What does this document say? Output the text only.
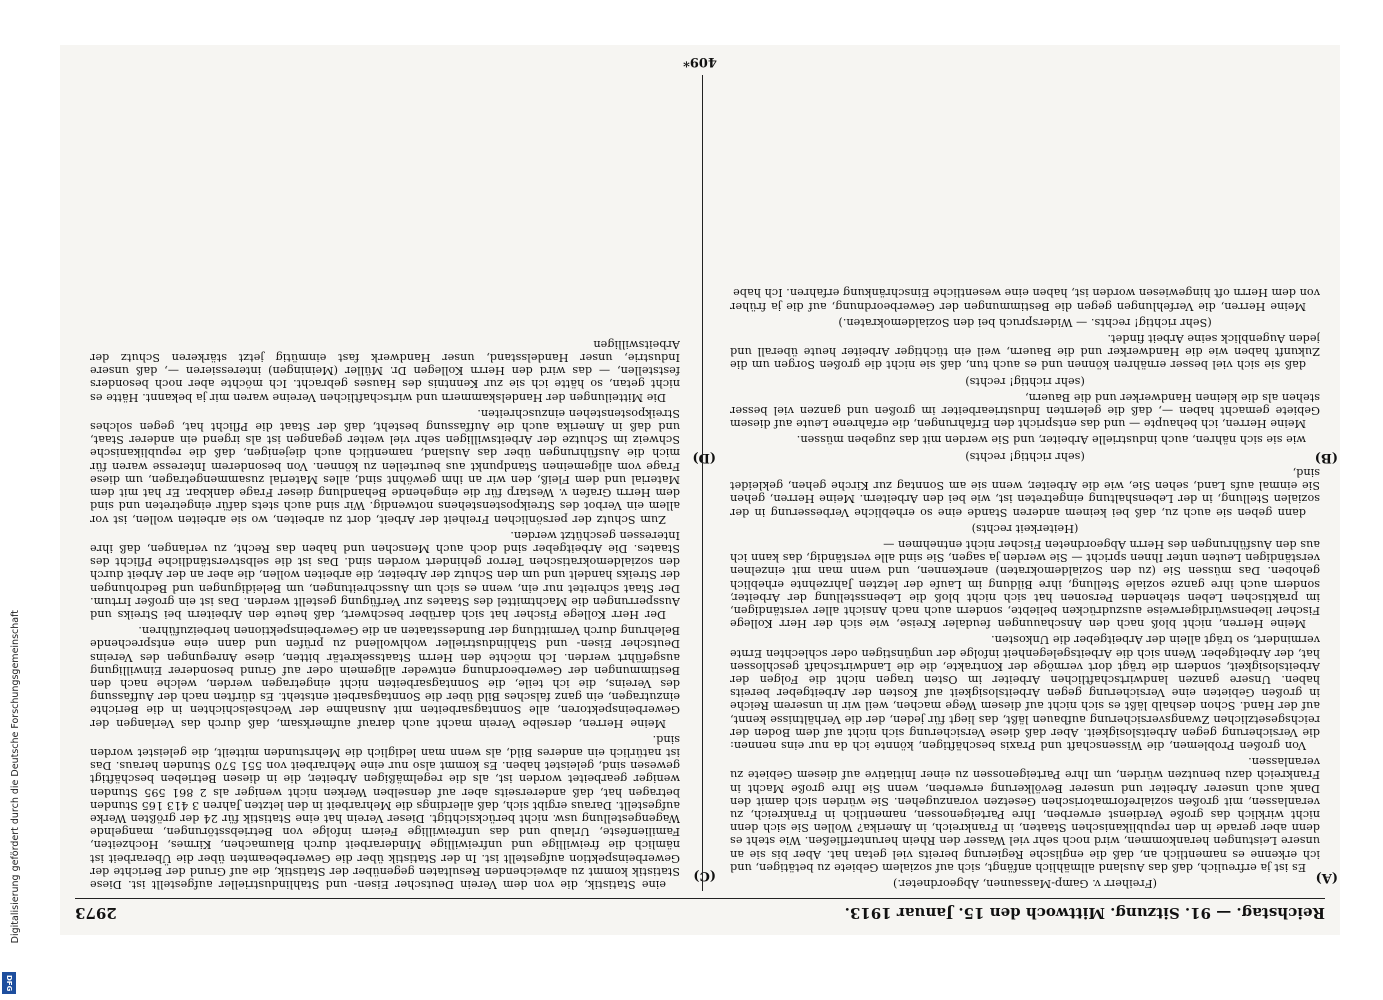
Reichstag. — 91. Sitzung. Mittwoch den 15. Januar 1913.
2973
(A)
(B)
(C)
(D)

(Freiherr v. Gamp-Massaunen, Abgeordneter.)

Es ist ja erfreulich, daß das Ausland allmählich anfängt, sich auf sozialem Gebiete zu betätigen, und ich erkenne es namentlich an, daß die englische Regierung bereits viel getan hat. Aber bis sie an unsere Leistungen herankommen, wird noch sehr viel Wasser den Rhein herunterfließen. Wie steht es denn aber gerade in den republikanischen Staaten, in Frankreich, in Amerika? Wollen Sie sich denn nicht wirklich das große Verdienst erwerben, Ihre Parteigenossen, namentlich in Frankreich, zu veranlassen, mit großen sozialreformatorischen Gesetzen voranzugehen. Sie würden sich damit den Dank auch unserer Arbeiter und unserer Bevölkerung erwerben, wenn Sie Ihre große Macht in Frankreich dazu benutzen würden, um Ihre Parteigenossen zu einer Initiative auf diesem Gebiete zu veranlassen.

Von großen Problemen, die Wissenschaft und Praxis beschäftigen, könnte ich da nur eins nennen: die Versicherung gegen Arbeitslosigkeit. Aber daß diese Versicherung sich nicht auf dem Boden der reichsgesetzlichen Zwangsversicherung aufbauen läßt, das liegt für jeden, der die Verhältnisse kennt, auf der Hand. Schon deshalb läßt es sich nicht auf diesem Wege machen, weil wir in unserem Reiche in großen Gebieten eine Versicherung gegen Arbeitslosigkeit auf Kosten der Arbeitgeber bereits haben. Unsere ganzen landwirtschaftlichen Arbeiter im Osten tragen nicht die Folgen der Arbeitslosigkeit, sondern die trägt dort vermöge der Kontrakte, die die Landwirtschaft geschlossen hat, der Arbeitgeber. Wenn sich die Arbeitsgelegenheit infolge der ungünstigen oder schlechten Ernte vermindert, so trägt allein der Arbeitgeber die Unkosten.

Meine Herren, nicht bloß nach den Anschauungen feudaler Kreise, wie sich der Herr Kollege Fischer liebenswürdigerweise auszudrücken beliebte, sondern auch nach Ansicht aller verständigen, im praktischen Leben stehenden Personen hat sich nicht bloß die Lebensstellung der Arbeiter, sondern auch ihre ganze soziale Stellung, ihre Bildung im Laufe der letzten Jahrzehnte erheblich gehoben. Das müssen Sie (zu den Sozialdemokraten) anerkennen, und wenn man mit einzelnen verständigen Leuten unter Ihnen spricht — Sie werden ja sagen, Sie sind alle verständig, das kann ich aus den Ausführungen des Herrn Abgeordneten Fischer nicht entnehmen —

(Heiterkeit rechts)

dann geben sie auch zu, daß bei keinem anderen Stande eine so erhebliche Verbesserung in der sozialen Stellung, in der Lebenshaltung eingetreten ist, wie bei den Arbeitern. Meine Herren, gehen Sie einmal aufs Land, sehen Sie, wie die Arbeiter, wenn sie am Sonntag zur Kirche gehen, gekleidet sind,

(sehr richtig! rechts)

wie sie sich nähren, auch industrielle Arbeiter, und Sie werden mit das zugeben müssen.

Meine Herren, ich behaupte — und das entspricht den Erfahrungen, die erfahrene Leute auf diesem Gebiete gemacht haben —, daß die gelernten Industriearbeiter im großen und ganzen viel besser stehen als die kleinen Handwerker und die Bauern,

(sehr richtig! rechts)

daß sie sich viel besser ernähren können und es auch tun, daß sie nicht die großen Sorgen um die Zukunft haben wie die Handwerker und die Bauern, weil ein tüchtiger Arbeiter heute überall und jeden Augenblick seine Arbeit findet.

(Sehr richtig! rechts. — Widerspruch bei den Sozialdemokraten.)

Meine Herren, die Verfehlungen gegen die Bestimmungen der Gewerbeordnung, auf die ja früher von dem Herrn oft hingewiesen worden ist, haben eine wesentliche Einschränkung erfahren. Ich habe

eine Statistik, die von dem Verein Deutscher Eisen- und Stahlindustrieller aufgestellt ist. Diese Statistik kommt zu abweichenden Resultaten gegenüber der Statistik, die auf Grund der Berichte der Gewerbeinspektion aufgestellt ist. In der Statistik über die Gewerbebeamten über die Überarbeit ist nämlich die freiwillige und unfreiwillige Minderarbeit durch Blaumachen, Kirmes, Hochzeiten, Familienfeste, Urlaub und das unfreiwillige Feiern infolge von Betriebsstörungen, mangelnde Wagengestellung usw. nicht berücksichtigt. Dieser Verein hat eine Statistik für 24 der größten Werke aufgestellt. Daraus ergibt sich, daß allerdings die Mehrarbeit in den letzten Jahren 3 413 165 Stunden betragen hat, daß andererseits aber auf denselben Werken nicht weniger als 2 861 595 Stunden weniger gearbeitet worden ist, als die regelmäßigen Arbeiter, die in diesen Betrieben beschäftigt gewesen sind, geleistet haben. Es kommt also nur eine Mehrarbeit von 551 570 Stunden heraus. Das ist natürlich ein anderes Bild, als wenn man lediglich die Mehrstunden mitteilt, die geleistet worden sind.

Meine Herren, derselbe Verein macht auch darauf aufmerksam, daß durch das Verlangen der Gewerbeinspektoren, alle Sonntagsarbeiten mit Ausnahme der Wechselschichten in die Berichte einzutragen, ein ganz falsches Bild über die Sonntagsarbeit entsteht. Es dürften nach der Auffassung des Vereins, die ich teile, die Sonntagsarbeiten nicht eingetragen werden, welche nach den Bestimmungen der Gewerbeordnung entweder allgemein oder auf Grund besonderer Einwilligung ausgeführt werden. Ich möchte den Herrn Staatssekretär bitten, diese Anregungen des Vereins Deutscher Eisen- und Stahlindustrieller wohlwollend zu prüfen und dann eine entsprechende Belehrung durch Vermittlung der Bundesstaaten an die Gewerbeinspektionen herbeizuführen.

Der Herr Kollege Fischer hat sich darüber beschwert, daß heute den Arbeitern bei Streiks und Aussperrungen die Machtmittel des Staates zur Verfügung gestellt werden. Das ist ein großer Irrtum. Der Staat schreitet nur ein, wenn es sich um Ausschreitungen, um Beleidigungen und Bedrohungen der Streiks handelt und um den Schutz der Arbeiter, die arbeiten wollen, die aber an der Arbeit durch den sozialdemokratischen Terror gehindert worden sind. Das ist die selbstverständliche Pflicht des Staates. Die Arbeitgeber sind doch auch Menschen und haben das Recht, zu verlangen, daß ihre Interessen geschützt werden.

Zum Schutz der persönlichen Freiheit der Arbeit, dort zu arbeiten, wo sie arbeiten wollen, ist vor allem ein Verbot des Streikpostenstehens notwendig. Wir sind auch stets dafür eingetreten und sind dem Herrn Grafen v. Westarp für die eingehende Behandlung dieser Frage dankbar. Er hat mit dem Material und dem Fleiß, den wir an ihm gewöhnt sind, alles Material zusammengetragen, um diese Frage vom allgemeinen Standpunkt aus beurteilen zu können. Von besonderem Interesse waren für mich die Ausführungen über das Ausland, namentlich auch diejenigen, daß die republikanische Schweiz im Schutze der Arbeitswilligen sehr viel weiter gegangen ist als irgend ein anderer Staat, und daß in Amerika auch die Auffassung besteht, daß der Staat die Pflicht hat, gegen solches Streikpostenstehen einzuschreiten.

Die Mitteilungen der Handelskammern und wirtschaftlichen Vereine waren mir ja bekannt. Hätte es nicht getan, so hätte ich sie zur Kenntnis des Hauses gebracht. Ich möchte aber noch besonders feststellen, — das wird den Herrn Kollegen Dr. Müller (Meiningen) interessieren —, daß unsere Industrie, unser Handelsstand, unser Handwerk fast einmütig jetzt stärkeren Schutz der Arbeitswilligen

409*
Digitalisierung gefördert durch die Deutsche Forschungsgemeinschaft
DFG
